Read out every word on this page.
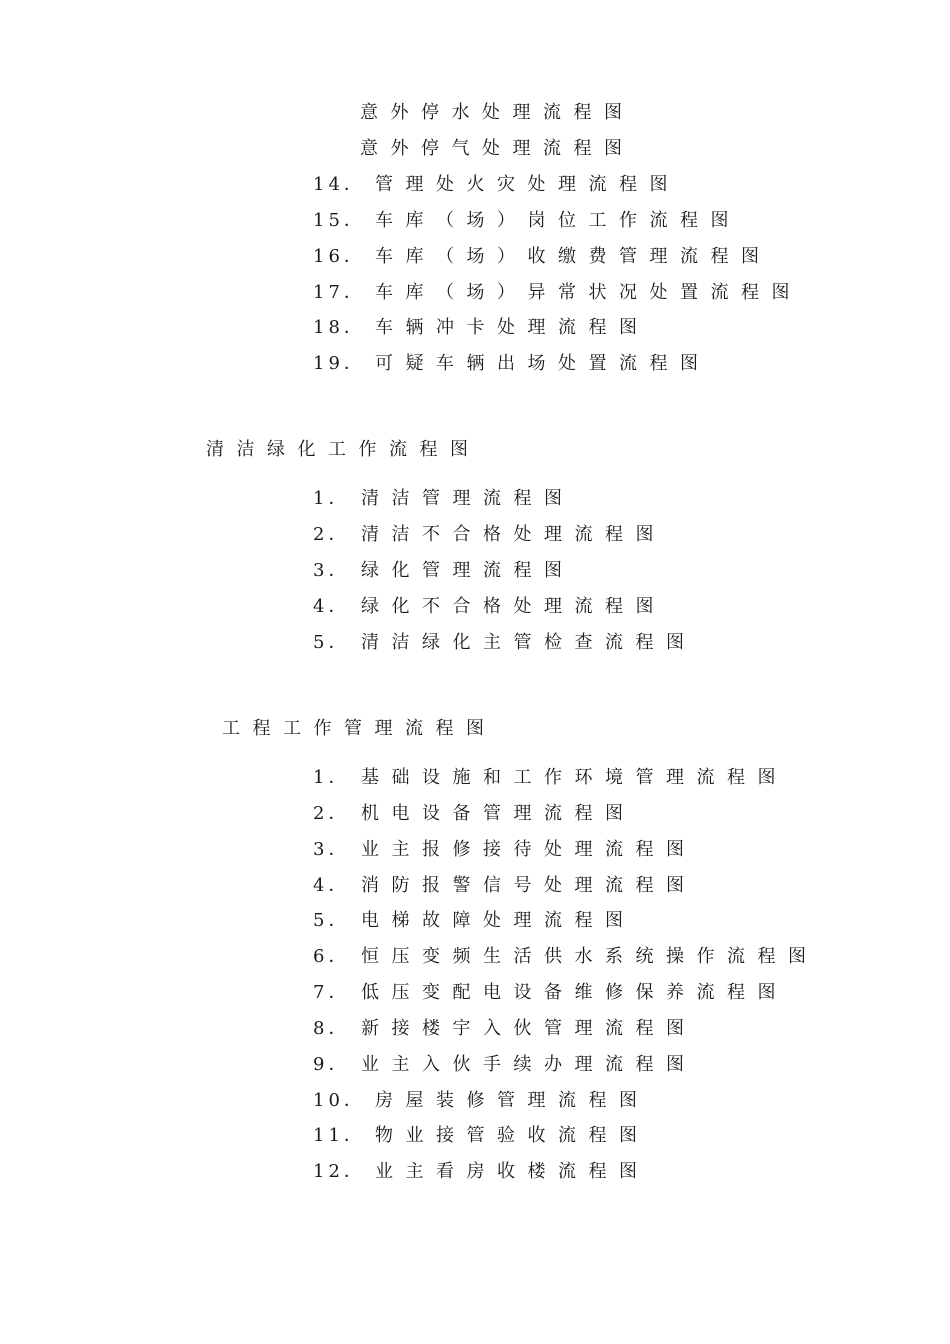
意外停水处理流程图
意外停气处理流程图
14． 管理处火灾处理流程图
15． 车库（场）岗位工作流程图
16． 车库（场）收缴费管理流程图
17． 车库（场）异常状况处置流程图
18． 车辆冲卡处理流程图
19． 可疑车辆出场处置流程图
清洁绿化工作流程图
1． 清洁管理流程图
2． 清洁不合格处理流程图
3． 绿化管理流程图
4． 绿化不合格处理流程图
5． 清洁绿化主管检查流程图
工程工作管理流程图
1． 基础设施和工作环境管理流程图
2． 机电设备管理流程图
3． 业主报修接待处理流程图
4． 消防报警信号处理流程图
5． 电梯故障处理流程图
6． 恒压变频生活供水系统操作流程图
7． 低压变配电设备维修保养流程图
8． 新接楼宇入伙管理流程图
9． 业主入伙手续办理流程图
10． 房屋装修管理流程图
11． 物业接管验收流程图
12． 业主看房收楼流程图
